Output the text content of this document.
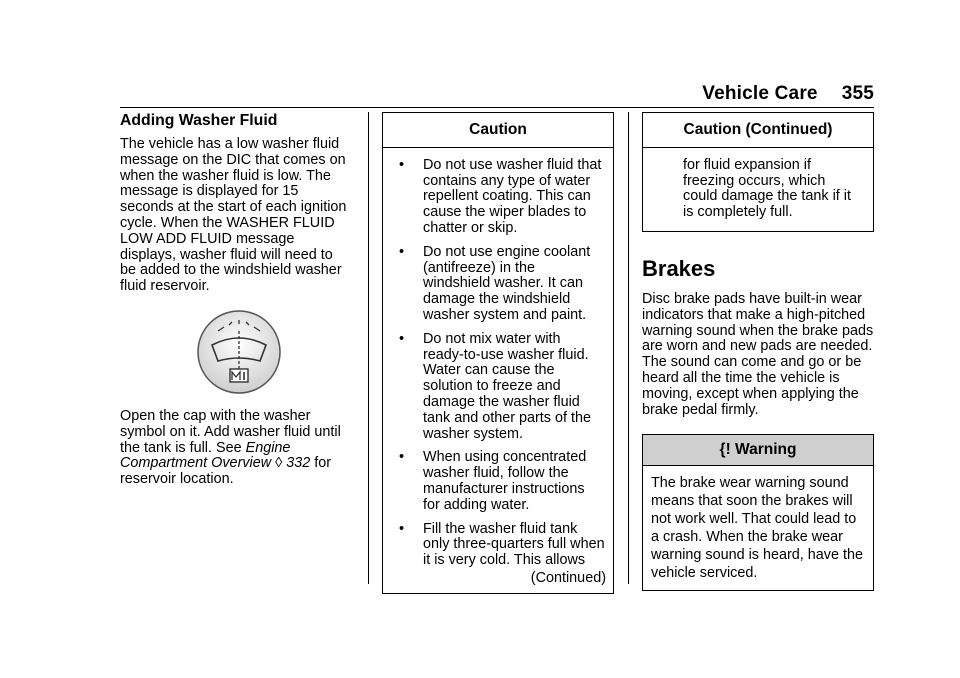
Vehicle Care 355
Adding Washer Fluid

The vehicle has a low washer fluid message on the DIC that comes on when the washer fluid is low. The message is displayed for 15 seconds at the start of each ignition cycle. When the WASHER FLUID LOW ADD FLUID message displays, washer fluid will need to be added to the windshield washer fluid reservoir.

Open the cap with the washer symbol on it. Add washer fluid until the tank is full. See Engine Compartment Overview ◊ 332 for reservoir location.

Caution
• Do not use washer fluid that contains any type of water repellent coating. This can cause the wiper blades to chatter or skip.
• Do not use engine coolant (antifreeze) in the windshield washer. It can damage the windshield washer system and paint.
• Do not mix water with ready-to-use washer fluid. Water can cause the solution to freeze and damage the washer fluid tank and other parts of the washer system.
• When using concentrated washer fluid, follow the manufacturer instructions for adding water.
• Fill the washer fluid tank only three-quarters full when it is very cold. This allows
(Continued)
Caution (Continued)
for fluid expansion if freezing occurs, which could damage the tank if it is completely full.
Brakes

Disc brake pads have built-in wear indicators that make a high-pitched warning sound when the brake pads are worn and new pads are needed. The sound can come and go or be heard all the time the vehicle is moving, except when applying the brake pedal firmly.

{! Warning
The brake wear warning sound means that soon the brakes will not work well. That could lead to a crash. When the brake wear warning sound is heard, have the vehicle serviced.
